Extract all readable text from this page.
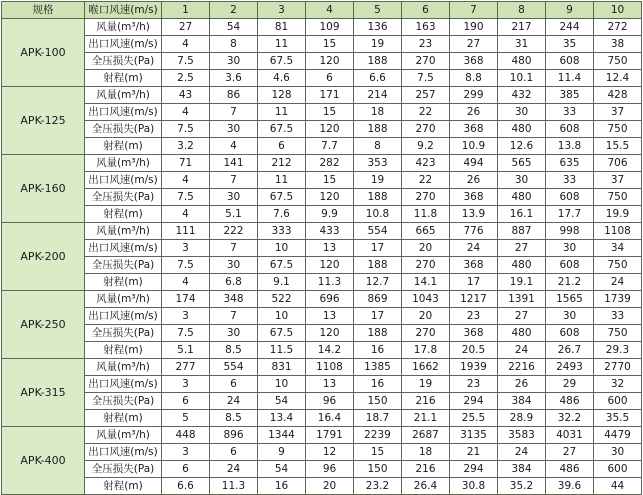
规格	喉口风速(m/s)	1	2	3	4	5	6	7	8	9	10
APK-100	风量(m³/h)	27	54	81	109	136	163	190	217	244	272
	出口风速(m/s)	4	8	11	15	19	23	27	31	35	38
	全压损失(Pa)	7.5	30	67.5	120	188	270	368	480	608	750
	射程(m)	2.5	3.6	4.6	6	6.6	7.5	8.8	10.1	11.4	12.4
APK-125	风量(m³/h)	43	86	128	171	214	257	299	432	385	428
	出口风速(m/s)	4	7	11	15	18	22	26	30	33	37
	全压损失(Pa)	7.5	30	67.5	120	188	270	368	480	608	750
	射程(m)	3.2	4	6	7.7	8	9.2	10.9	12.6	13.8	15.5
APK-160	风量(m³/h)	71	141	212	282	353	423	494	565	635	706
	出口风速(m/s)	4	7	11	15	19	22	26	30	33	37
	全压损失(Pa)	7.5	30	67.5	120	188	270	368	480	608	750
	射程(m)	4	5.1	7.6	9.9	10.8	11.8	13.9	16.1	17.7	19.9
APK-200	风量(m³/h)	111	222	333	433	554	665	776	887	998	1108
	出口风速(m/s)	3	7	10	13	17	20	24	27	30	34
	全压损失(Pa)	7.5	30	67.5	120	188	270	368	480	608	750
	射程(m)	4	6.8	9.1	11.3	12.7	14.1	17	19.1	21.2	24
APK-250	风量(m³/h)	174	348	522	696	869	1043	1217	1391	1565	1739
	出口风速(m/s)	3	7	10	13	17	20	23	27	30	33
	全压损失(Pa)	7.5	30	67.5	120	188	270	368	480	608	750
	射程(m)	5.1	8.5	11.5	14.2	16	17.8	20.5	24	26.7	29.3
APK-315	风量(m³/h)	277	554	831	1108	1385	1662	1939	2216	2493	2770
	出口风速(m/s)	3	6	10	13	16	19	23	26	29	32
	全压损失(Pa)	6	24	54	96	150	216	294	384	486	600
	射程(m)	5	8.5	13.4	16.4	18.7	21.1	25.5	28.9	32.2	35.5
APK-400	风量(m³/h)	448	896	1344	1791	2239	2687	3135	3583	4031	4479
	出口风速(m/s)	3	6	9	12	15	18	21	24	27	30
	全压损失(Pa)	6	24	54	96	150	216	294	384	486	600
	射程(m)	6.6	11.3	16	20	23.2	26.4	30.8	35.2	39.6	44
